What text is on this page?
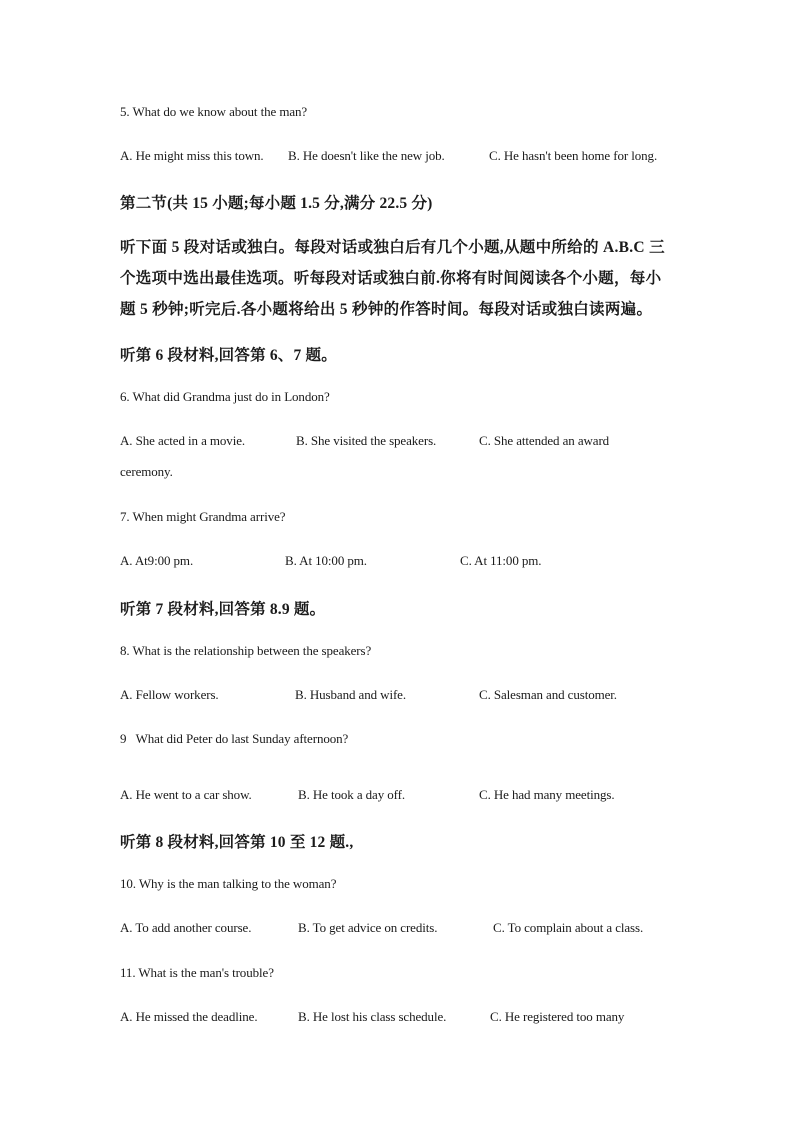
5. What do we know about the man?
A. He might miss this town. B. He doesn't like the new job.	C. He hasn't been home for long.
第二节(共 15 小题;每小题 1.5 分,满分 22.5 分)
听下面 5 段对话或独白。每段对话或独白后有几个小题,从题中所给的 A.B.C 三
个选项中选出最佳选项。听每段对话或独白前.你将有时间阅读各个小题，每小
题 5 秒钟;听完后.各小题将给出 5 秒钟的作答时间。每段对话或独白读两遍。
听第 6 段材料,回答第 6、7 题。
6. What did Grandma just do in London?
A. She acted in a movie.	B. She visited the speakers.	C. She attended an award
ceremony.
7. When might Grandma arrive?
A. At9:00 pm.	B. At 10:00 pm.	C. At 11:00 pm.
听第 7 段材料,回答第 8.9 题。
8. What is the relationship between the speakers?
A. Fellow workers.	B. Husband and wife.	C. Salesman and customer.
9   What did Peter do last Sunday afternoon?
A. He went to a car show.	B. He took a day off.	C. He had many meetings.
听第 8 段材料,回答第 10 至 12 题.,
10. Why is the man talking to the woman?
A. To add another course.	B. To get advice on credits.	C. To complain about a class.
11. What is the man's trouble?
A. He missed the deadline.	B. He lost his class schedule.	C. He registered too many
